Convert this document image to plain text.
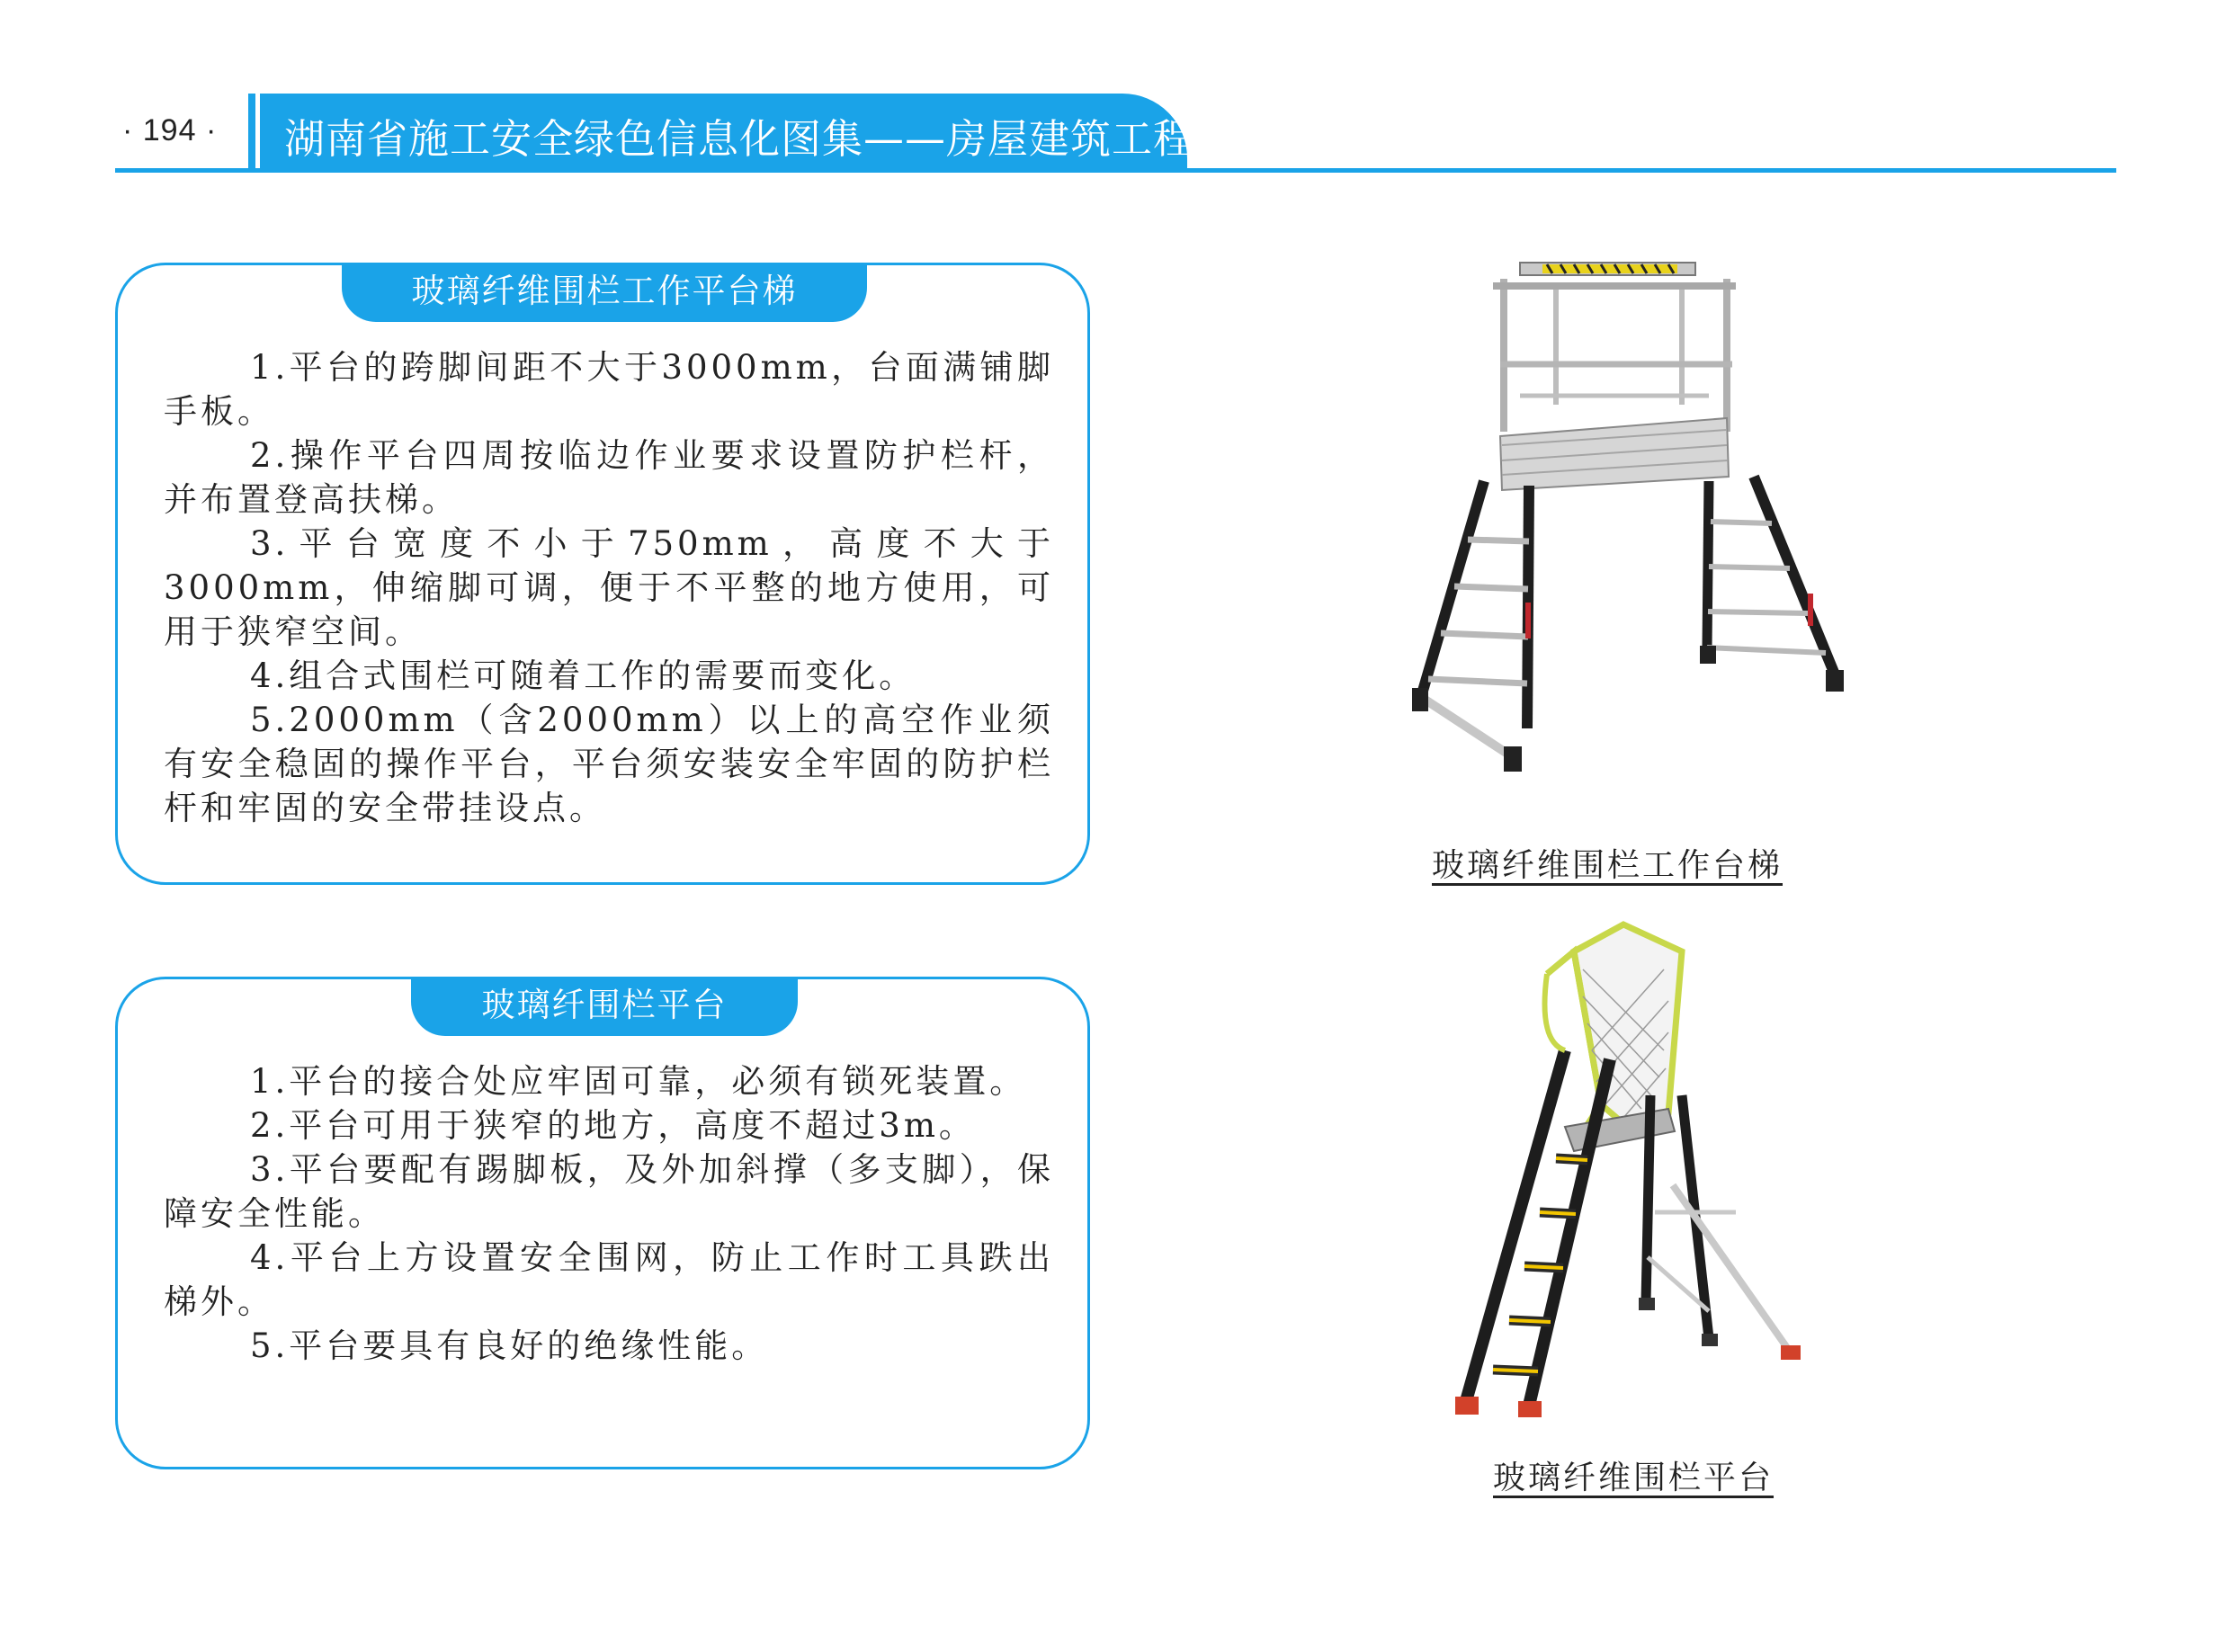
· 194 · 湖南省施工安全绿色信息化图集——房屋建筑工程
玻璃纤维围栏工作平台梯

1.平台的跨脚间距不大于3000mm，台面满铺脚手板。

2.操作平台四周按临边作业要求设置防护栏杆，并布置登高扶梯。

3.平台宽度不小于750mm，高度不大于 3000mm，伸缩脚可调，便于不平整的地方使用，可用于狭窄空间。

4.组合式围栏可随着工作的需要而变化。

5.2000mm（含2000mm）以上的高空作业须有安全稳固的操作平台，平台须安装安全牢固的防护栏杆和牢固的安全带挂设点。

玻璃纤围栏平台

1.平台的接合处应牢固可靠，必须有锁死装置。

2.平台可用于狭窄的地方，高度不超过3m。

3.平台要配有踢脚板，及外加斜撑（多支脚），保障安全性能。

4.平台上方设置安全围网，防止工作时工具跌出梯外。

5.平台要具有良好的绝缘性能。

玻璃纤维围栏工作台梯
玻璃纤维围栏平台
